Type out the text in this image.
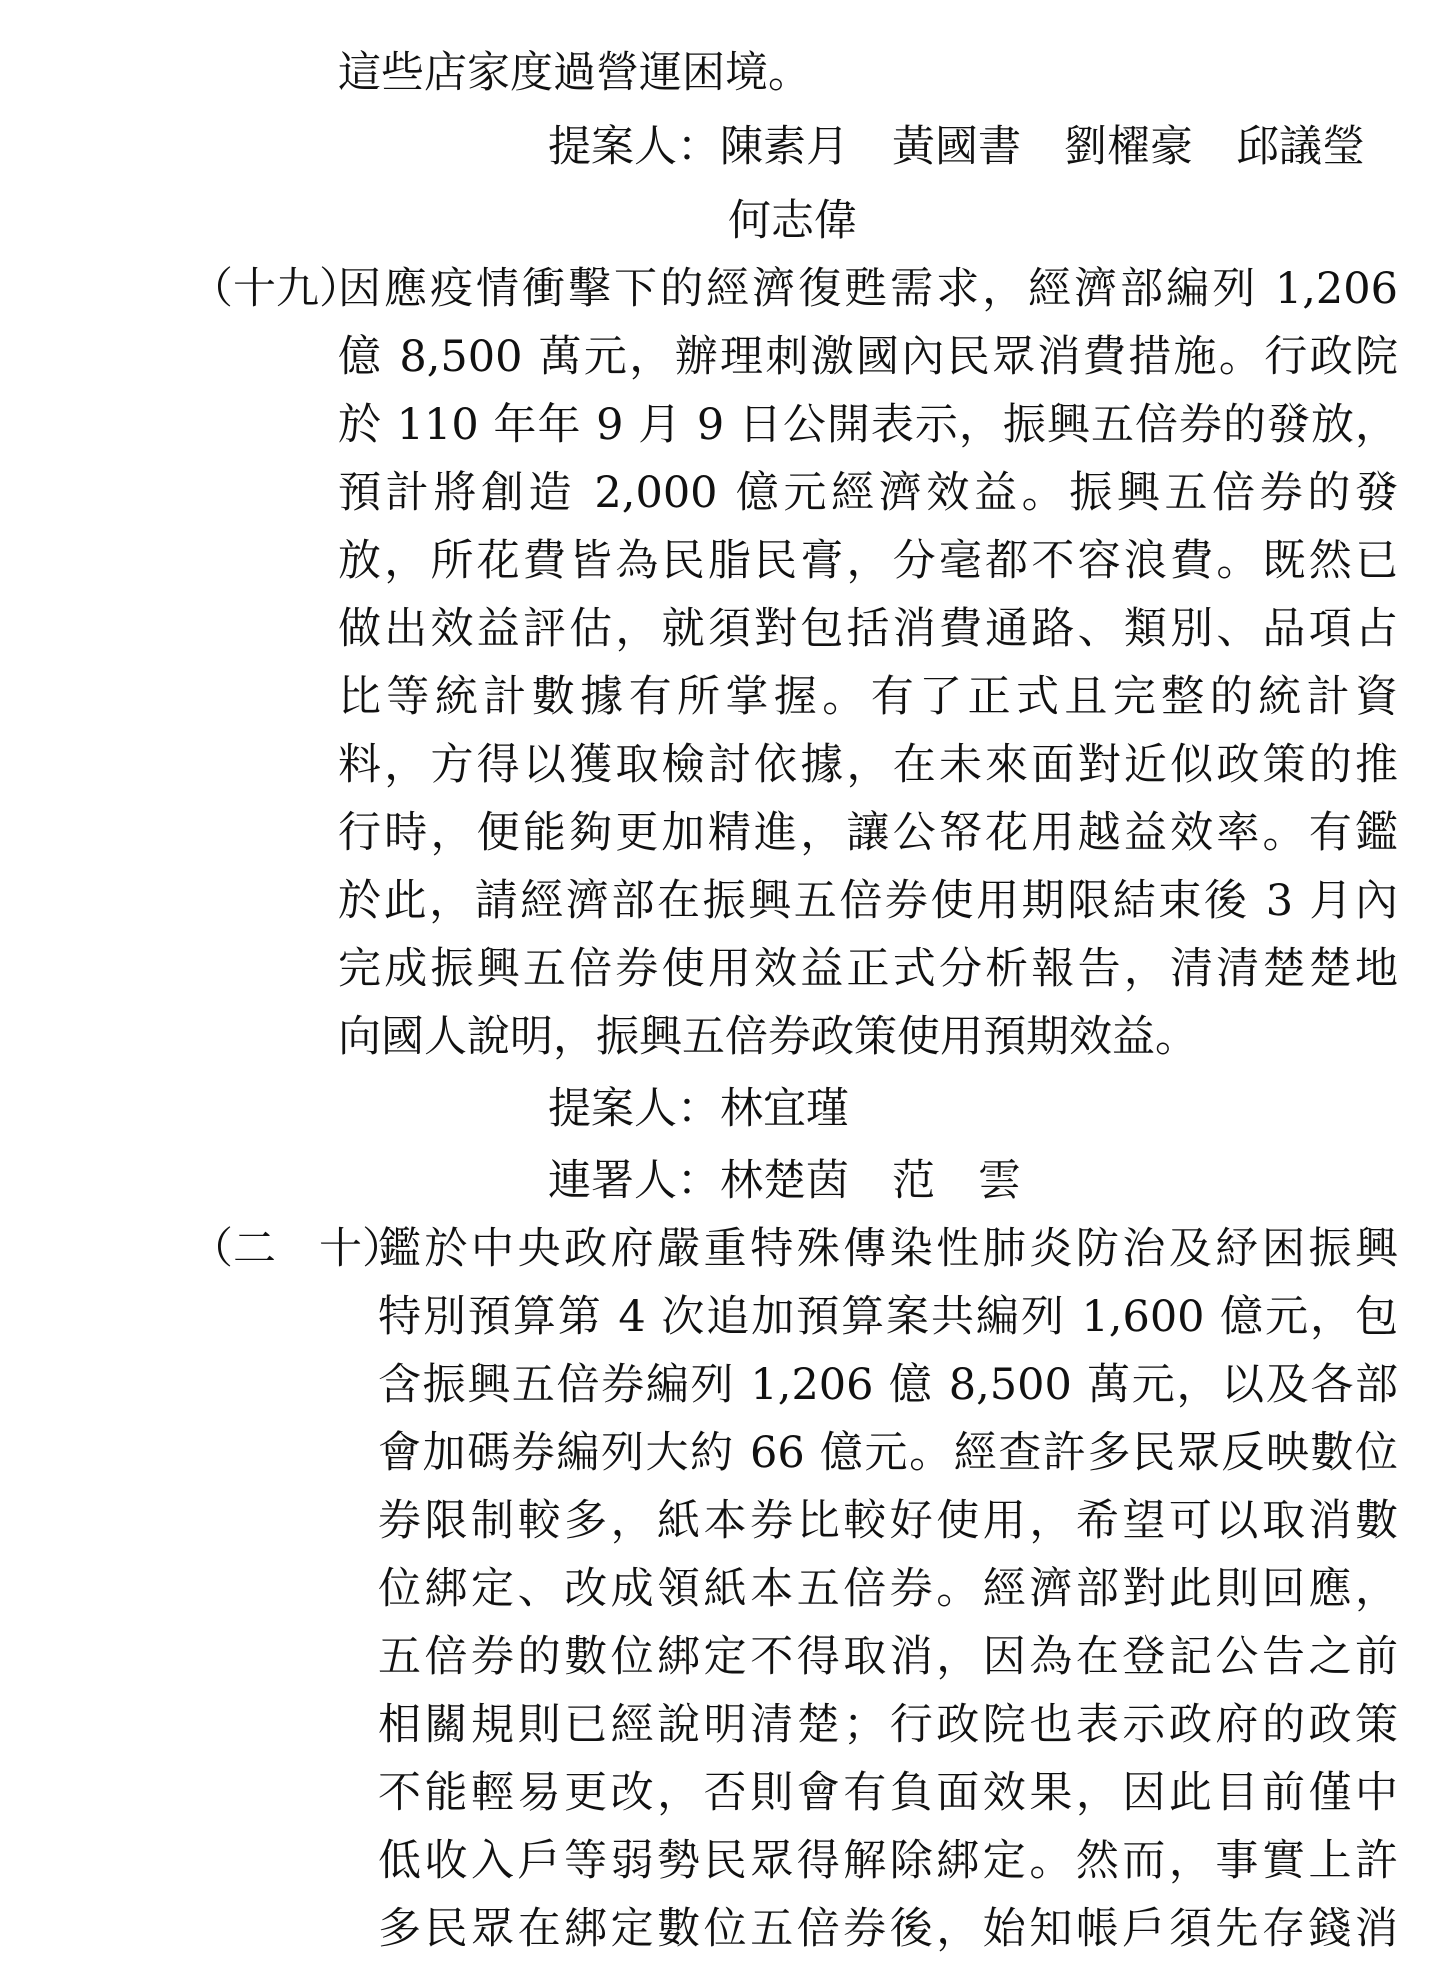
這些店家度過營運困境。

提案人：陳素月　黃國書　劉櫂豪　邱議瑩

何志偉

（十九）

因應疫情衝擊下的經濟復甦需求，經濟部編列 1,206

億 8,500 萬元，辦理刺激國內民眾消費措施。行政院

於 110 年年 9 月 9 日公開表示，振興五倍券的發放，

預計將創造 2,000 億元經濟效益。振興五倍券的發

放，所花費皆為民脂民膏，分毫都不容浪費。既然已

做出效益評估，就須對包括消費通路、類別、品項占

比等統計數據有所掌握。有了正式且完整的統計資

料，方得以獲取檢討依據，在未來面對近似政策的推

行時，便能夠更加精進，讓公帑花用越益效率。有鑑

於此，請經濟部在振興五倍券使用期限結束後 3 月內

完成振興五倍券使用效益正式分析報告，清清楚楚地

向國人說明，振興五倍券政策使用預期效益。

提案人：林宜瑾

連署人：林楚茵　范　雲

（二　十）

鑑於中央政府嚴重特殊傳染性肺炎防治及紓困振興

特別預算第 4 次追加預算案共編列 1,600 億元，包

含振興五倍券編列 1,206 億 8,500 萬元，以及各部

會加碼券編列大約 66 億元。經查許多民眾反映數位

券限制較多，紙本券比較好使用，希望可以取消數

位綁定、改成領紙本五倍券。經濟部對此則回應，

五倍券的數位綁定不得取消，因為在登記公告之前

相關規則已經說明清楚；行政院也表示政府的政策

不能輕易更改，否則會有負面效果，因此目前僅中

低收入戶等弱勢民眾得解除綁定。然而，事實上許

多民眾在綁定數位五倍券後，始知帳戶須先存錢消
